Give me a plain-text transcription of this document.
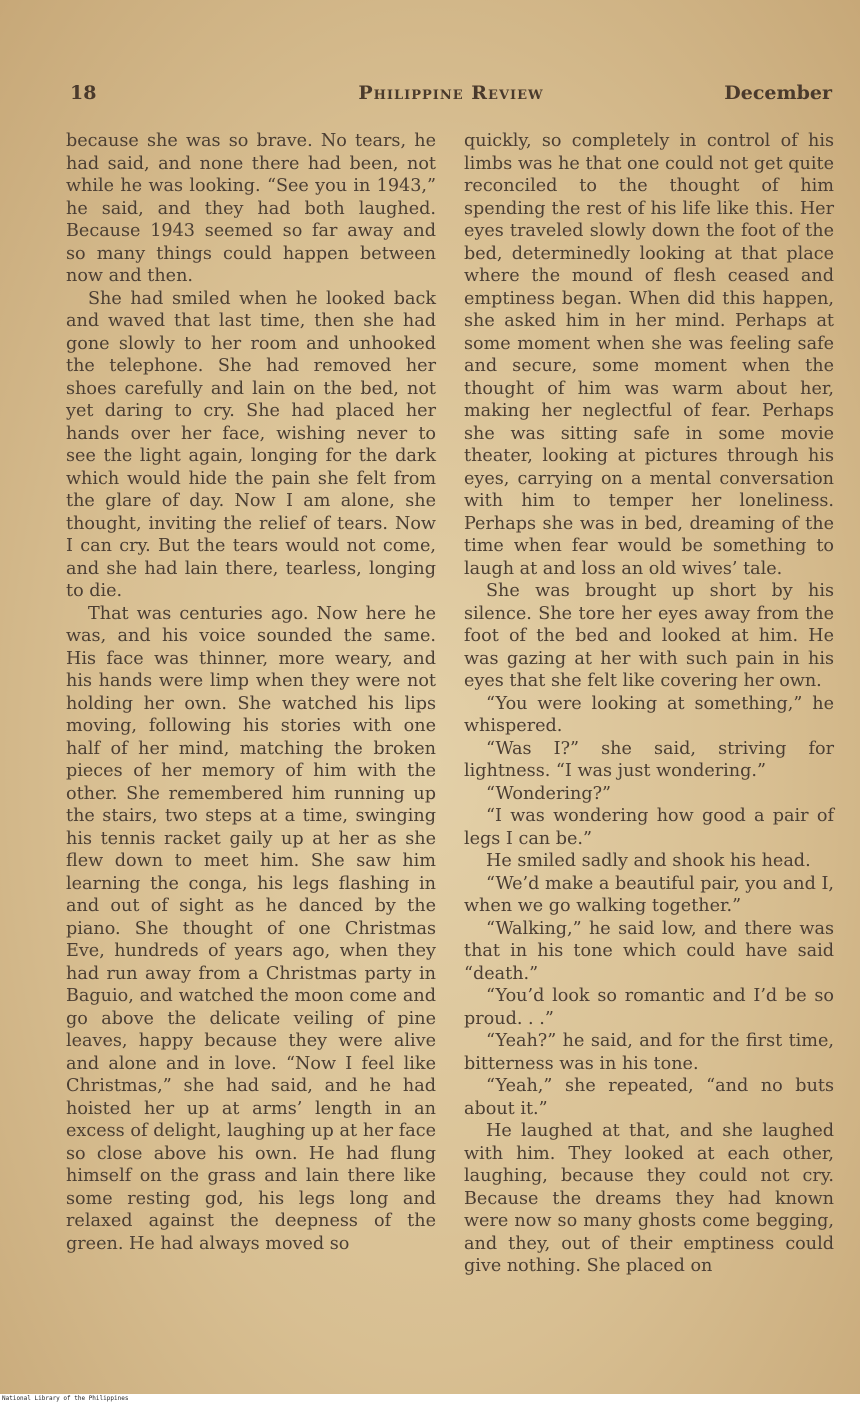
18	Philippine Review	December

because she was so brave. No tears, he had said, and none there had been, not while he was looking. “See you in 1943,” he said, and they had both laughed. Because 1943 seemed so far away and so many things could happen between now and then.

She had smiled when he looked back and waved that last time, then she had gone slowly to her room and unhooked the telephone. She had removed her shoes carefully and lain on the bed, not yet daring to cry. She had placed her hands over her face, wishing never to see the light again, longing for the dark which would hide the pain she felt from the glare of day. Now I am alone, she thought, inviting the relief of tears. Now I can cry. But the tears would not come, and she had lain there, tearless, longing to die.

That was centuries ago. Now here he was, and his voice sounded the same. His face was thinner, more weary, and his hands were limp when they were not holding her own. She watched his lips moving, following his stories with one half of her mind, matching the broken pieces of her memory of him with the other. She remembered him running up the stairs, two steps at a time, swinging his tennis racket gaily up at her as she flew down to meet him. She saw him learning the conga, his legs flashing in and out of sight as he danced by the piano. She thought of one Christmas Eve, hundreds of years ago, when they had run away from a Christmas party in Baguio, and watched the moon come and go above the delicate veiling of pine leaves, happy because they were alive and alone and in love. “Now I feel like Christmas,” she had said, and he had hoisted her up at arms’ length in an excess of delight, laughing up at her face so close above his own. He had flung himself on the grass and lain there like some resting god, his legs long and relaxed against the deepness of the green. He had always moved so

quickly, so completely in control of his limbs was he that one could not get quite reconciled to the thought of him spending the rest of his life like this. Her eyes traveled slowly down the foot of the bed, determinedly looking at that place where the mound of flesh ceased and emptiness began. When did this happen, she asked him in her mind. Perhaps at some moment when she was feeling safe and secure, some moment when the thought of him was warm about her, making her neglectful of fear. Perhaps she was sitting safe in some movie theater, looking at pictures through his eyes, carrying on a mental conversation with him to temper her loneliness. Perhaps she was in bed, dreaming of the time when fear would be something to laugh at and loss an old wives’ tale.

She was brought up short by his silence. She tore her eyes away from the foot of the bed and looked at him. He was gazing at her with such pain in his eyes that she felt like covering her own.

“You were looking at something,” he whispered.

“Was I?” she said, striving for lightness. “I was just wondering.”

“Wondering?”

“I was wondering how good a pair of legs I can be.”

He smiled sadly and shook his head.

“We’d make a beautiful pair, you and I, when we go walking together.”

“Walking,” he said low, and there was that in his tone which could have said “death.”

“You’d look so romantic and I’d be so proud. . .”

“Yeah?” he said, and for the first time, bitterness was in his tone.

“Yeah,” she repeated, “and no buts about it.”

He laughed at that, and she laughed with him. They looked at each other, laughing, because they could not cry. Because the dreams they had known were now so many ghosts come begging, and they, out of their emptiness could give nothing. She placed on

National Library of the Philippines
